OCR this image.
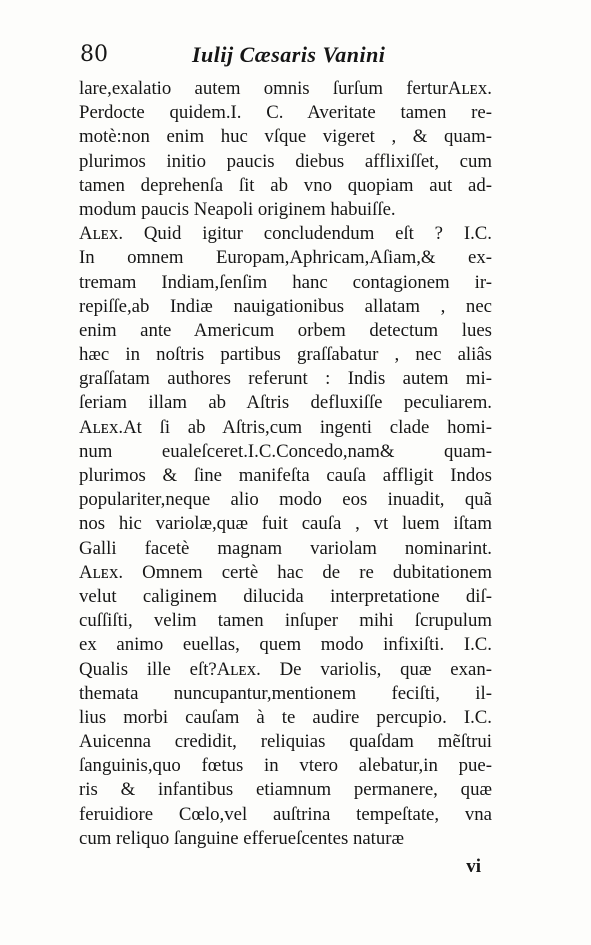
80	Iulij Cæsaris Vanini
lare,exalatio autem omnis ſurſum ferturAʟᴇx.
Perdocte quidem.I. C. Averitate tamen re-
motè:non enim huc vſque vigeret , & quam-
plurimos initio paucis diebus afflixiſſet, cum
tamen deprehenſa ſit ab vno quopiam aut ad-
modum paucis Neapoli originem habuiſſe.
Aʟᴇx. Quid igitur concludendum eſt ? I.C.
In omnem Europam,Aphricam,Aſiam,& ex-
tremam Indiam,ſenſim hanc contagionem ir-
repiſſe,ab Indiæ nauigationibus allatam , nec
enim ante Americum orbem detectum lues
hæc in noſtris partibus graſſabatur , nec aliâs
graſſatam authores referunt : Indis autem mi-
ſeriam illam ab Aſtris defluxiſſe peculiarem.
Aʟᴇx.At ſi ab Aſtris,cum ingenti clade homi-
num eualeſceret.I.C.Concedo,nam& quam-
plurimos & ſine manifeſta cauſa affligit Indos
populariter,neque alio modo eos inuadit, quã
nos hic variolæ,quæ fuit cauſa , vt luem iſtam
Galli facetè magnam variolam nominarint.
Aʟᴇx. Omnem certè hac de re dubitationem
velut caliginem dilucida interpretatione diſ-
cuſſiſti, velim tamen inſuper mihi ſcrupulum
ex animo euellas, quem modo infixiſti. I.C.
Qualis ille eſt?Aʟᴇx. De variolis, quæ exan-
themata nuncupantur,mentionem feciſti, il-
lius morbi cauſam à te audire percupio. I.C.
Auicenna credidit, reliquias quaſdam mẽſtrui
ſanguinis,quo fœtus in vtero alebatur,in pue-
ris & infantibus etiamnum permanere, quæ
feruidiore Cœlo,vel auſtrina tempeſtate, vna
cum reliquo ſanguine efferueſcentes naturæ
vi
